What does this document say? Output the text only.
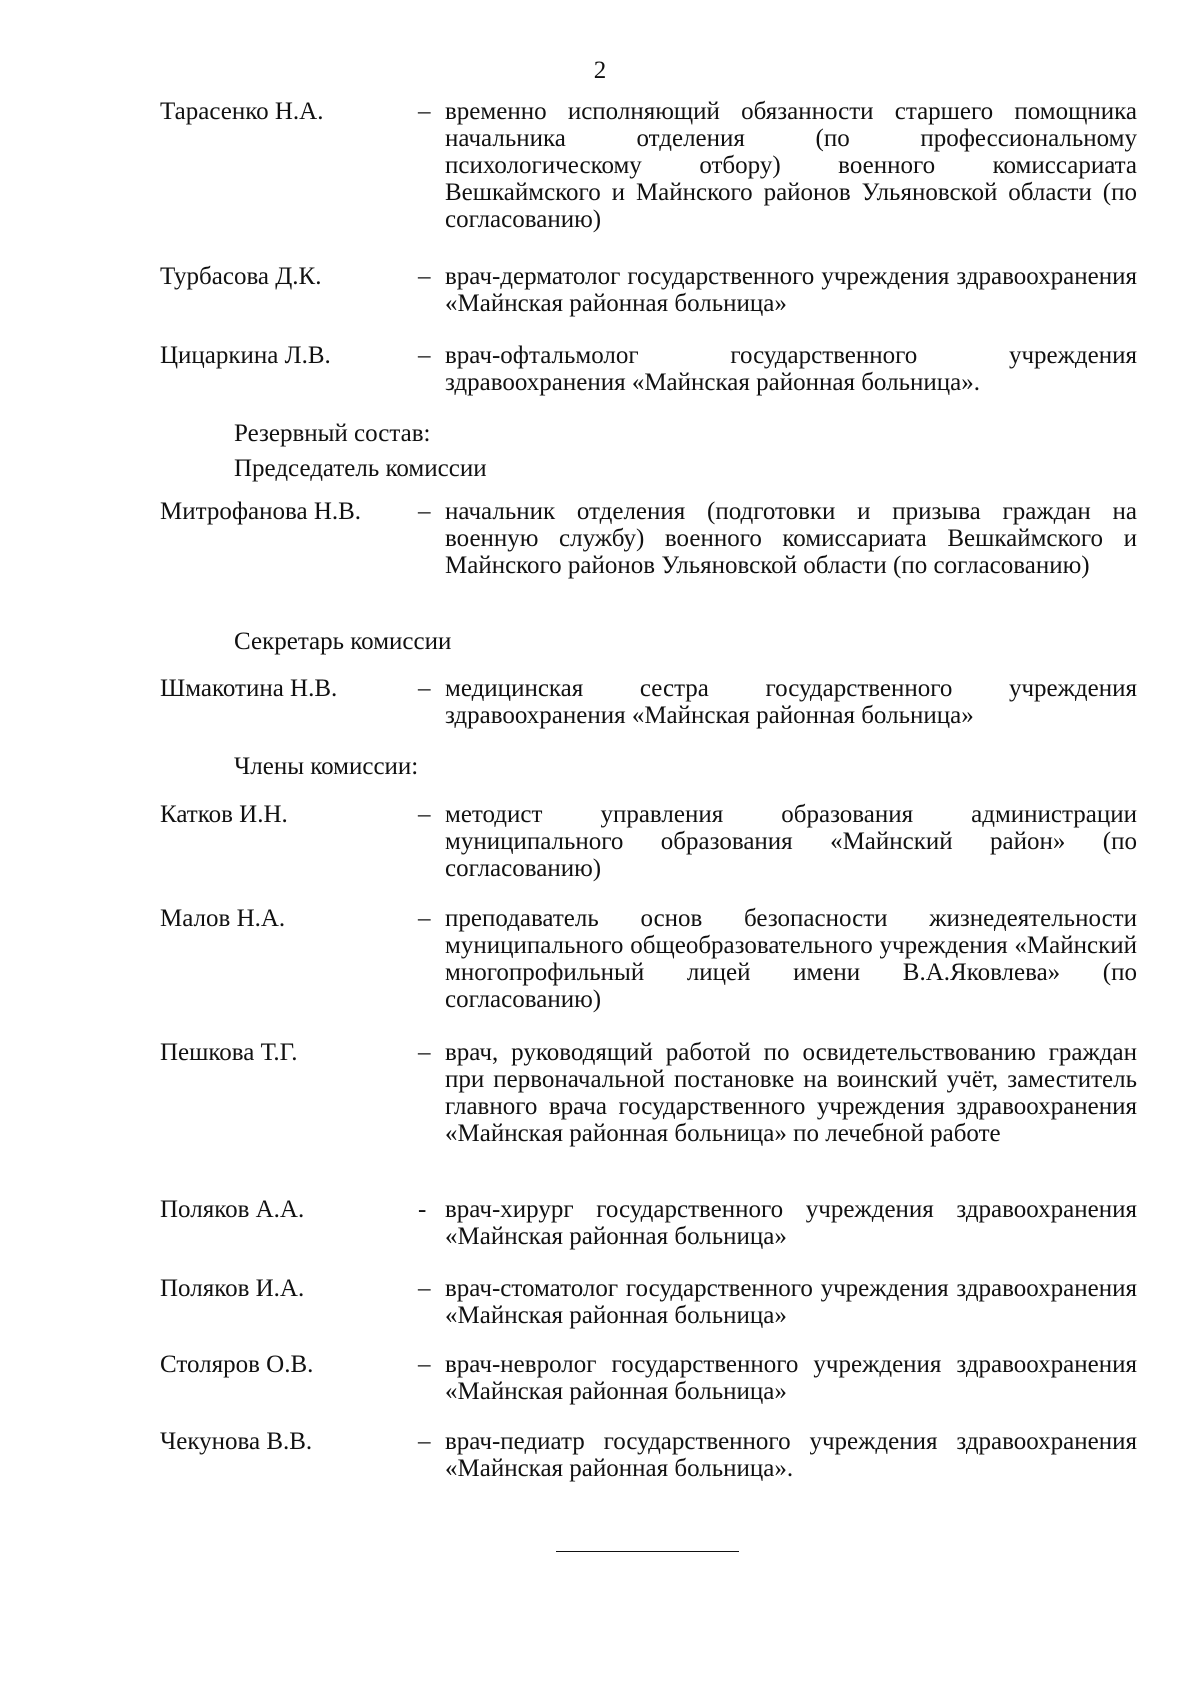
2
Тарасенко Н.А.	– временно исполняющий обязанности старшего помощника начальника отделения (по профессиональному психологическому отбору) военного комиссариата Вешкаймского и Майнского районов Ульяновской области (по согласованию)
Турбасова Д.К.	– врач-дерматолог государственного учреждения здравоохранения «Майнская районная больница»
Цицаркина Л.В.	– врач-офтальмолог государственного учреждения здравоохранения «Майнская районная больница».
Резервный состав:
Председатель комиссии
Митрофанова Н.В. – начальник отделения (подготовки и призыва граждан на военную службу) военного комиссариата Вешкаймского и Майнского районов Ульяновской области (по согласованию)
Секретарь комиссии
Шмакотина Н.В.	– медицинская сестра государственного учреждения здравоохранения «Майнская районная больница»
Члены комиссии:
Катков И.Н.	– методист управления образования администрации муниципального образования «Майнский район» (по согласованию)
Малов Н.А.	– преподаватель основ безопасности жизнедеятельности муниципального общеобразовательного учреждения «Майнский многопрофильный лицей имени В.А.Яковлева» (по согласованию)
Пешкова Т.Г.	– врач, руководящий работой по освидетельствованию граждан при первоначальной постановке на воинский учёт, заместитель главного врача государственного учреждения здравоохранения «Майнская районная больница» по лечебной работе
Поляков А.А.	- врач-хирург государственного учреждения здравоохранения «Майнская районная больница»
Поляков И.А.	– врач-стоматолог государственного учреждения здравоохранения «Майнская районная больница»
Столяров О.В.	– врач-невролог государственного учреждения здравоохранения «Майнская районная больница»
Чекунова В.В.	– врач-педиатр государственного учреждения здравоохранения «Майнская районная больница».
